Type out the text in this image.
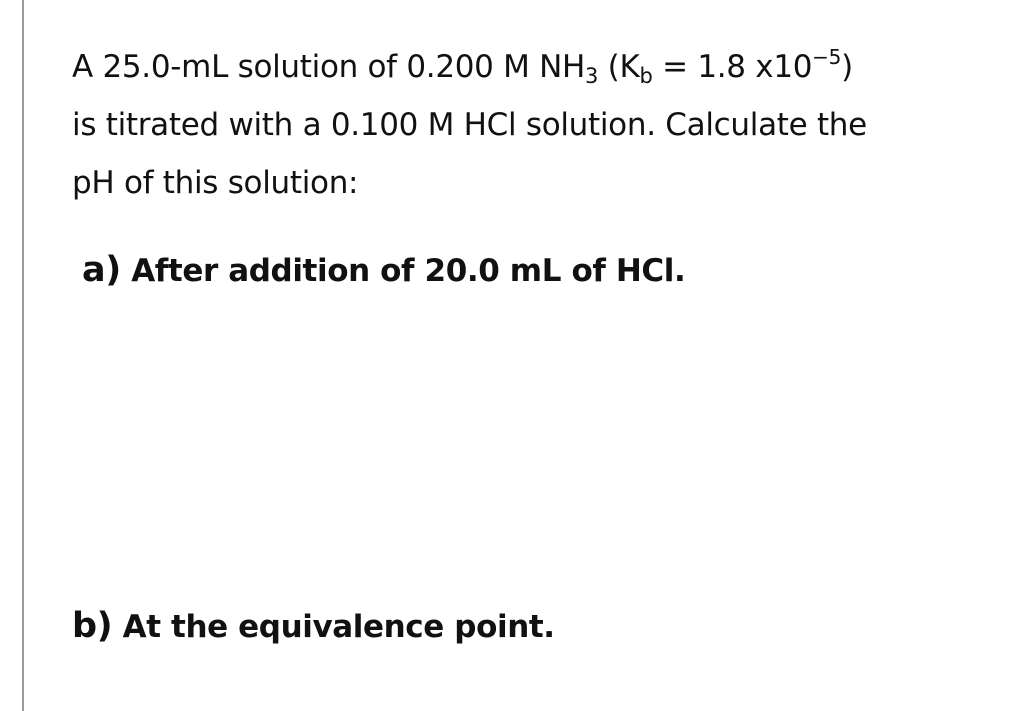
A 25.0-mL solution of 0.200 M $NH_3$ ($K_b = 1.8$ $x10^{-5}$)
is titrated with a 0.100 M HCl solution. Calculate the
pH of this solution:
a) After addition of 20.0 mL of HCl.
b) At the equivalence point.
